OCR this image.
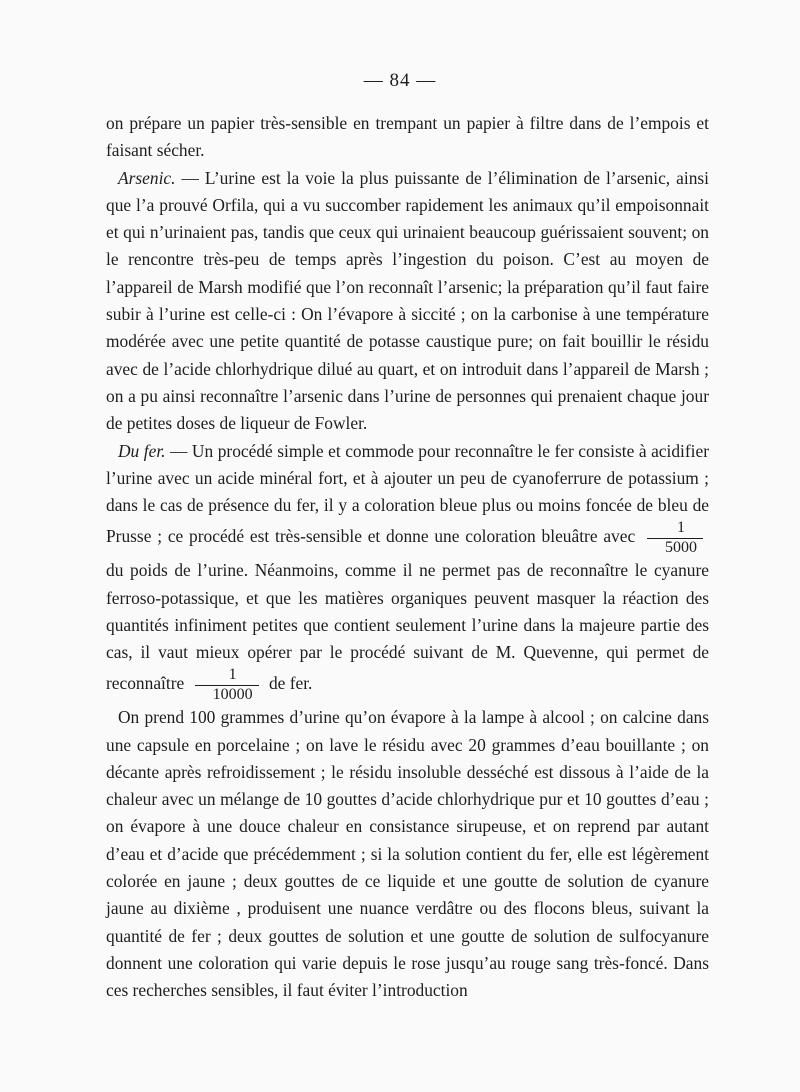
— 84 —

on prépare un papier très-sensible en trempant un papier à filtre dans de l’empois et faisant sécher.

Arsenic. — L’urine est la voie la plus puissante de l’élimination de l’arsenic, ainsi que l’a prouvé Orfila, qui a vu succomber rapidement les animaux qu’il empoisonnait et qui n’urinaient pas, tandis que ceux qui urinaient beaucoup guérissaient souvent; on le rencontre très-peu de temps après l’ingestion du poison. C’est au moyen de l’appareil de Marsh modifié que l’on reconnaît l’arsenic; la préparation qu’il faut faire subir à l’urine est celle-ci : On l’évapore à siccité ; on la carbonise à une température modérée avec une petite quantité de potasse caustique pure; on fait bouillir le résidu avec de l’acide chlorhydrique dilué au quart, et on introduit dans l’appareil de Marsh ; on a pu ainsi reconnaître l’arsenic dans l’urine de personnes qui prenaient chaque jour de petites doses de liqueur de Fowler.

Du fer. — Un procédé simple et commode pour reconnaître le fer consiste à acidifier l’urine avec un acide minéral fort, et à ajouter un peu de cyanoferrure de potassium ; dans le cas de présence du fer, il y a coloration bleue plus ou moins foncée de bleu de Prusse ; ce procédé est très-sensible et donne une coloration bleuâtre avec $\frac{1}{5000}$
du poids de l’urine. Néanmoins, comme il ne permet pas de reconnaître le cyanure ferroso-potassique, et que les matières organiques peuvent masquer la réaction des quantités infiniment petites que contient seulement l’urine dans la majeure partie des cas, il vaut mieux opérer par le procédé suivant de M. Quevenne, qui permet de reconnaître $\frac{1}{10000}$ de fer.

On prend 100 grammes d’urine qu’on évapore à la lampe à alcool ; on calcine dans une capsule en porcelaine ; on lave le résidu avec 20 grammes d’eau bouillante ; on décante après refroidissement ; le résidu insoluble desséché est dissous à l’aide de la chaleur avec un mélange de 10 gouttes d’acide chlorhydrique pur et 10 gouttes d’eau ; on évapore à une douce chaleur en consistance sirupeuse, et on reprend par autant d’eau et d’acide que précédemment ; si la solution contient du fer, elle est légèrement colorée en jaune ; deux gouttes de ce liquide et une goutte de solution de cyanure jaune au dixième , produisent une nuance verdâtre ou des flocons bleus, suivant la quantité de fer ; deux gouttes de solution et une goutte de solution de sulfocyanure donnent une coloration qui varie depuis le rose jusqu’au rouge sang très-foncé. Dans ces recherches sensibles, il faut éviter l’introduction
